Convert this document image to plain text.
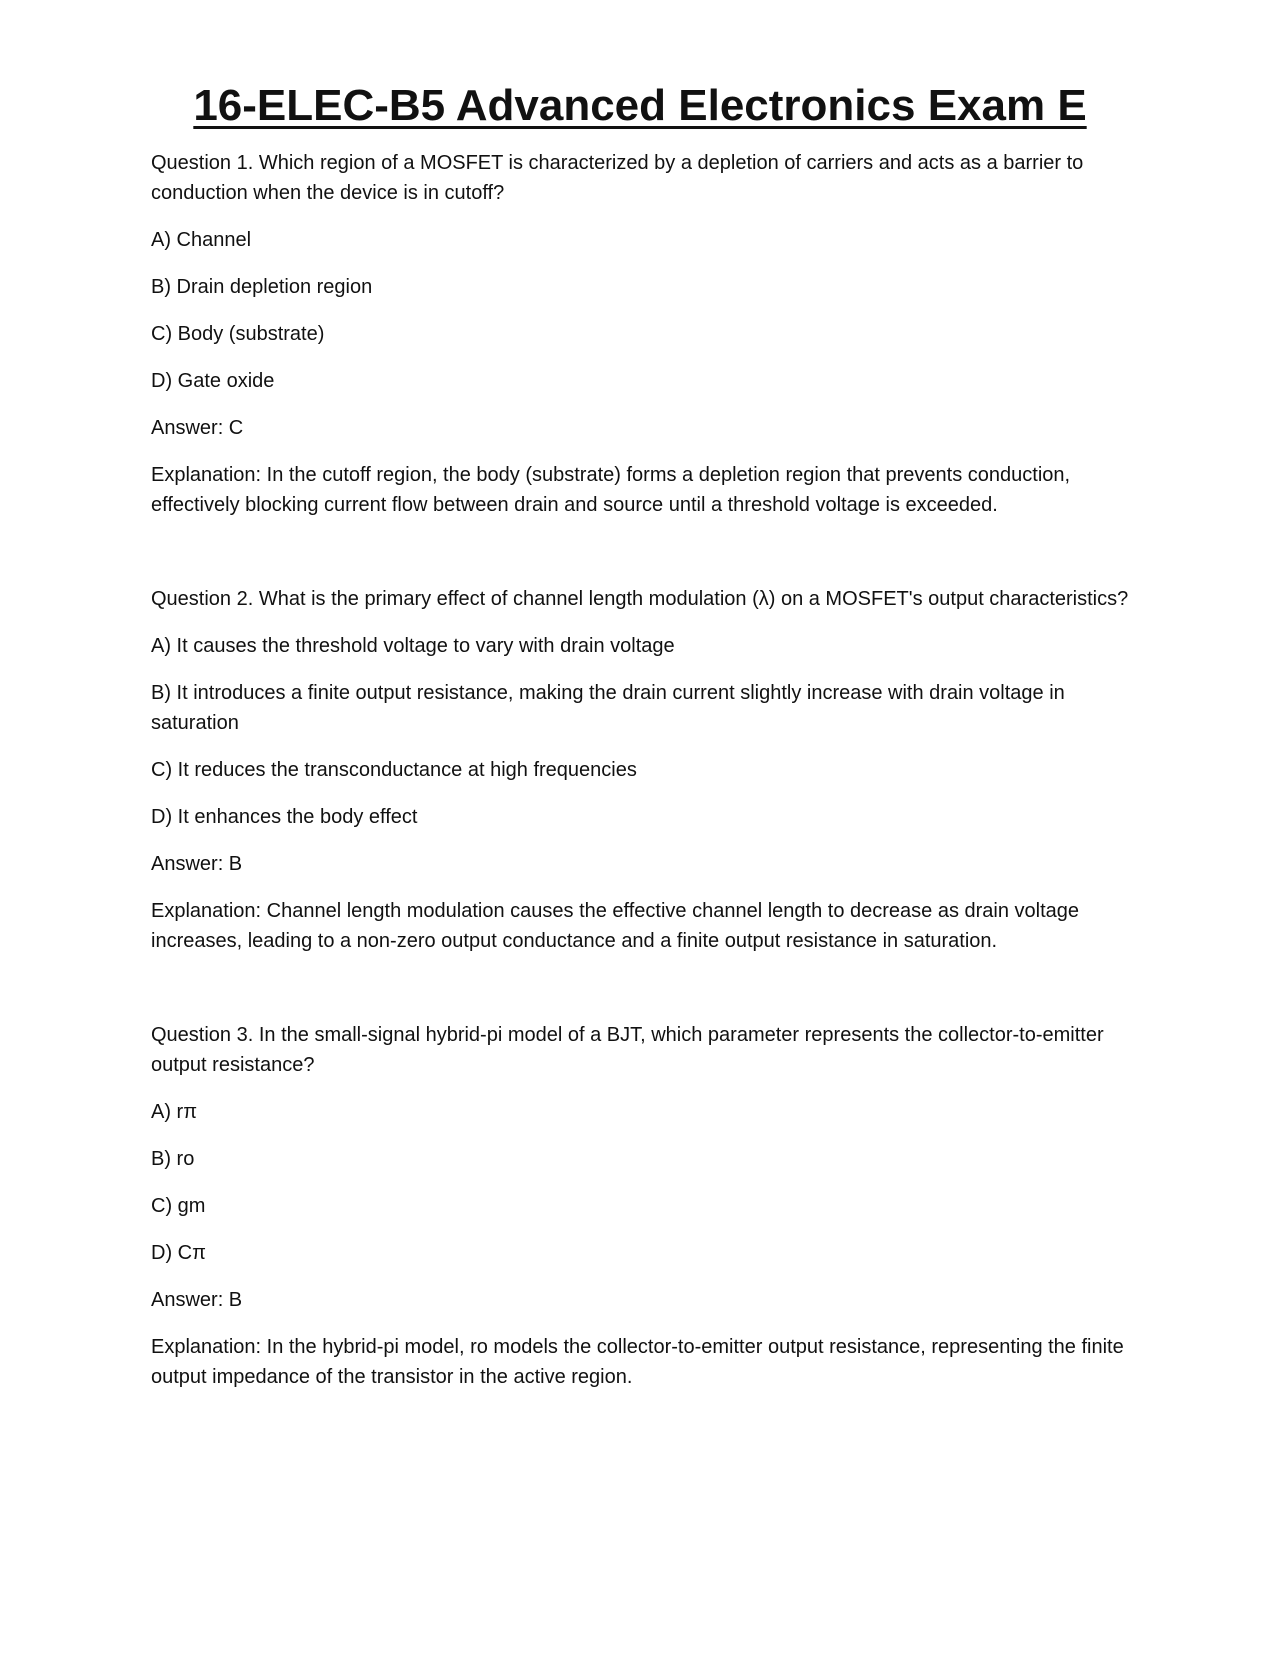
16-ELEC-B5 Advanced Electronics Exam E

Question 1. Which region of a MOSFET is characterized by a depletion of carriers and acts as a barrier to conduction when the device is in cutoff?

A) Channel

B) Drain depletion region

C) Body (substrate)

D) Gate oxide

Answer: C

Explanation: In the cutoff region, the body (substrate) forms a depletion region that prevents conduction, effectively blocking current flow between drain and source until a threshold voltage is exceeded.

Question 2. What is the primary effect of channel length modulation (λ) on a MOSFET's output characteristics?

A) It causes the threshold voltage to vary with drain voltage

B) It introduces a finite output resistance, making the drain current slightly increase with drain voltage in saturation

C) It reduces the transconductance at high frequencies

D) It enhances the body effect

Answer: B

Explanation: Channel length modulation causes the effective channel length to decrease as drain voltage increases, leading to a non-zero output conductance and a finite output resistance in saturation.

Question 3. In the small-signal hybrid-pi model of a BJT, which parameter represents the collector-to-emitter output resistance?

A) rπ

B) ro

C) gm

D) Cπ

Answer: B

Explanation: In the hybrid-pi model, ro models the collector-to-emitter output resistance, representing the finite output impedance of the transistor in the active region.
